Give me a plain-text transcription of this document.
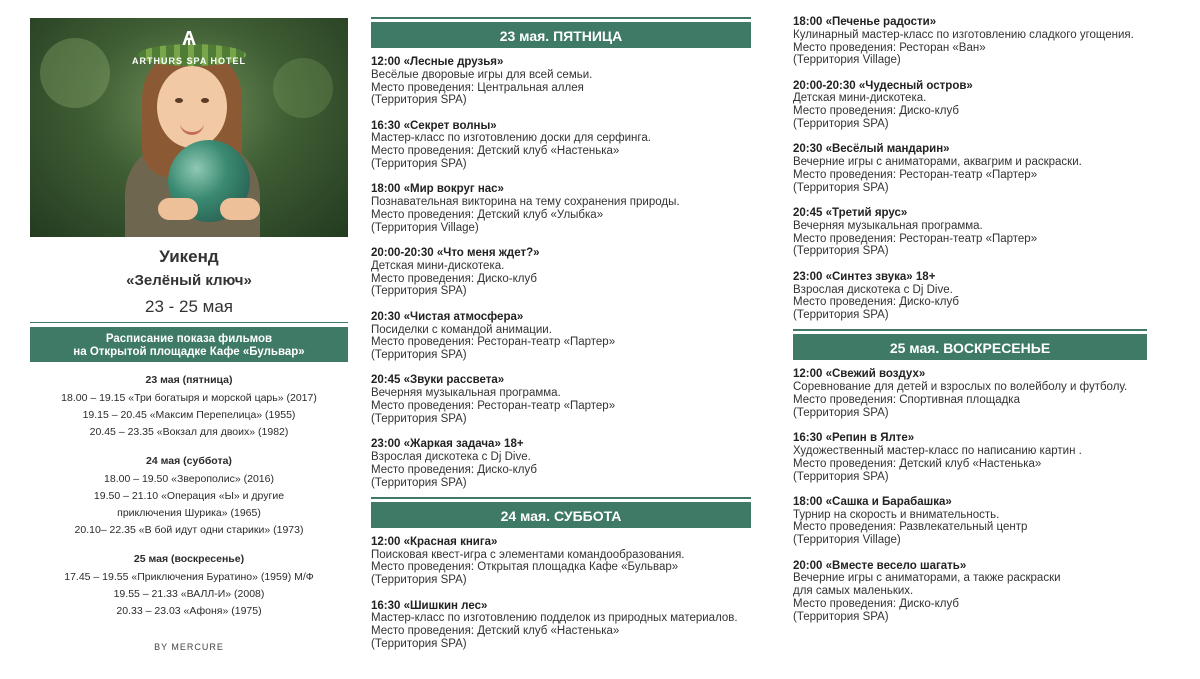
Ѧ
ARTHURS SPA HOTEL
Уикенд
«Зелёный ключ»
23 - 25 мая
Расписание показа фильмов
на Открытой площадке Кафе «Бульвар»
23 мая (пятница)
18.00 – 19.15 «Три богатыря и морской царь» (2017)
19.15 – 20.45 «Максим Перепелица» (1955)
20.45 – 23.35 «Вокзал для двоих» (1982)
24 мая (суббота)
18.00 – 19.50 «Зверополис» (2016)
19.50 – 21.10 «Операция «Ы» и другие
приключения Шурика» (1965)
20.10– 22.35 «В бой идут одни старики» (1973)
25 мая (воскресенье)
17.45 – 19.55 «Приключения Буратино» (1959) М/Ф
19.55 – 21.33 «ВАЛЛ-И» (2008)
20.33 – 23.03 «Афоня» (1975)
BY MERCURE
23 мая. ПЯТНИЦА
12:00 «Лесные друзья»
Весёлые дворовые игры для всей семьи.
Место проведения: Центральная аллея
(Территория SPA)
16:30 «Секрет волны»
Мастер-класс по изготовлению доски для серфинга.
Место проведения: Детский клуб «Настенька»
(Территория SPA)
18:00 «Мир вокруг нас»
Познавательная викторина на тему сохранения природы.
Место проведения: Детский клуб «Улыбка»
(Территория Village)
20:00-20:30 «Что меня ждет?»
Детская мини-дискотека.
Место проведения: Диско-клуб
(Территория SPA)
20:30 «Чистая атмосфера»
Посиделки с командой анимации.
Место проведения: Ресторан-театр «Партер»
(Территория SPA)
20:45 «Звуки рассвета»
Вечерняя музыкальная программа.
Место проведения: Ресторан-театр «Партер»
(Территория SPA)
23:00 «Жаркая задача» 18+
Взрослая дискотека с Dj Dive.
Место проведения: Диско-клуб
(Территория SPA)
24 мая. СУББОТА
12:00 «Красная книга»
Поисковая квест-игра с элементами командообразования.
Место проведения: Открытая площадка Кафе «Бульвар»
(Территория SPA)
16:30 «Шишкин лес»
Мастер-класс по изготовлению подделок из природных материалов.
Место проведения: Детский клуб «Настенька»
(Территория SPA)
18:00 «Печенье радости»
Кулинарный мастер-класс по изготовлению сладкого угощения.
Место проведения: Ресторан «Ван»
(Территория Village)
20:00-20:30 «Чудесный остров»
Детская мини-дискотека.
Место проведения: Диско-клуб
(Территория SPA)
20:30 «Весёлый мандарин»
Вечерние игры с аниматорами, аквагрим и раскраски.
Место проведения: Ресторан-театр «Партер»
(Территория SPA)
20:45 «Третий ярус»
Вечерняя музыкальная программа.
Место проведения: Ресторан-театр «Партер»
(Территория SPA)
23:00 «Синтез звука» 18+
Взрослая дискотека с Dj Dive.
Место проведения: Диско-клуб
(Территория SPA)
25 мая. ВОСКРЕСЕНЬЕ
12:00 «Свежий воздух»
Соревнование для детей и взрослых по волейболу и футболу.
Место проведения: Спортивная площадка
(Территория SPA)
16:30 «Репин в Ялте»
Художественный мастер-класс по написанию картин .
Место проведения: Детский клуб «Настенька»
(Территория SPA)
18:00 «Сашка и Барабашка»
Турнир на скорость и внимательность.
Место проведения: Развлекательный центр
(Территория Village)
20:00 «Вместе весело шагать»
Вечерние игры с аниматорами, а также раскраски
для самых маленьких.
Место проведения: Диско-клуб
(Территория SPA)
